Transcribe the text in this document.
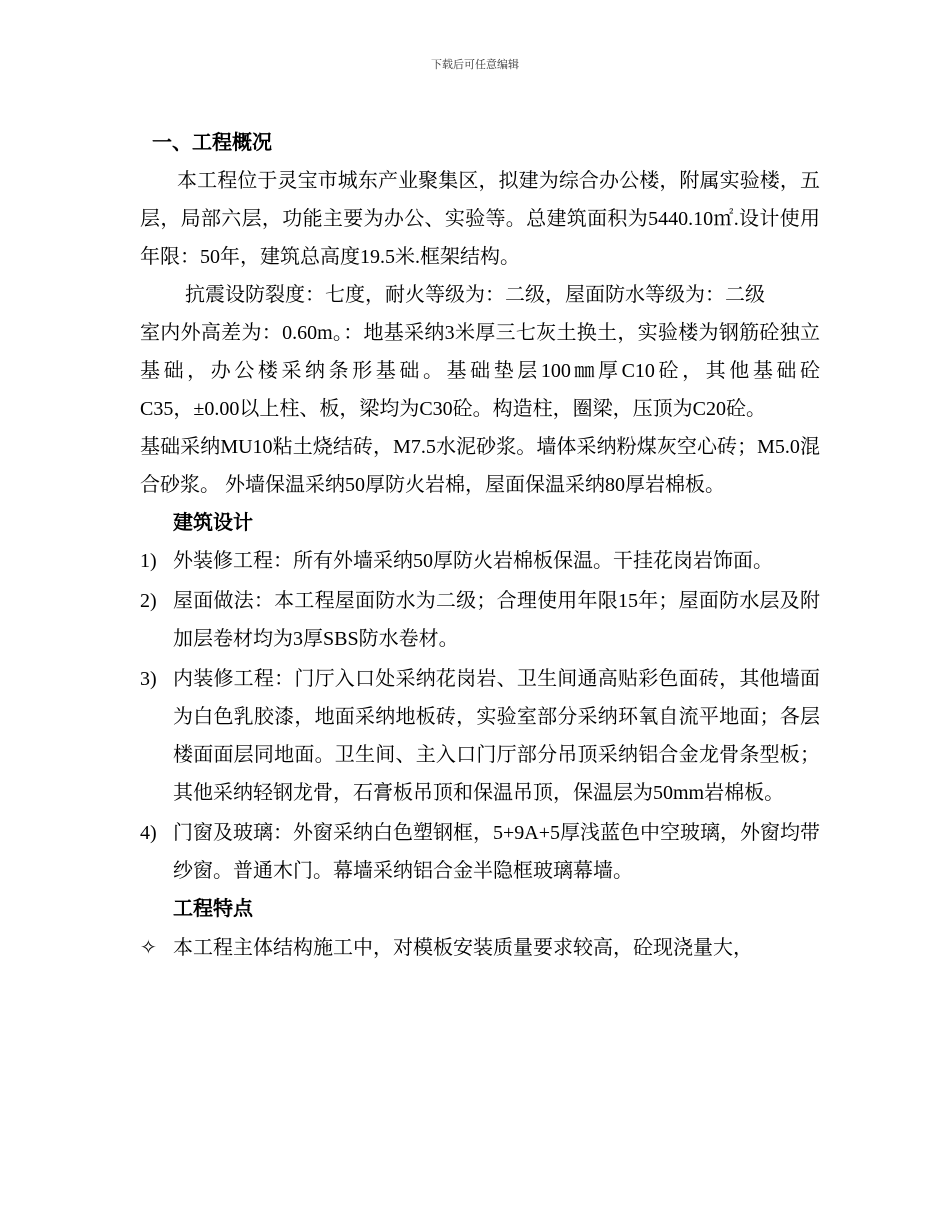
下载后可任意编辑
一、工程概况

本工程位于灵宝市城东产业聚集区，拟建为综合办公楼，附属实验楼，五层，局部六层，功能主要为办公、实验等。总建筑面积为5440.10㎡.设计使用年限：50年，建筑总高度19.5米.框架结构。

抗震设防裂度：七度，耐火等级为：二级，屋面防水等级为：二级

室内外高差为：0.60m。：地基采纳3米厚三七灰土换土，实验楼为钢筋砼独立基础，办公楼采纳条形基础。基础垫层100㎜厚C10砼，其他基础砼C35，±0.00以上柱、板，梁均为C30砼。构造柱，圈梁，压顶为C20砼。

基础采纳MU10粘土烧结砖，M7.5水泥砂浆。墙体采纳粉煤灰空心砖；M5.0混合砂浆。 外墙保温采纳50厚防火岩棉，屋面保温采纳80厚岩棉板。

建筑设计
1) 外装修工程：所有外墙采纳50厚防火岩棉板保温。干挂花岗岩饰面。
2) 屋面做法：本工程屋面防水为二级；合理使用年限15年；屋面防水层及附加层卷材均为3厚SBS防水卷材。
3) 内装修工程：门厅入口处采纳花岗岩、卫生间通高贴彩色面砖，其他墙面为白色乳胶漆，地面采纳地板砖，实验室部分采纳环氧自流平地面；各层楼面面层同地面。卫生间、主入口门厅部分吊顶采纳铝合金龙骨条型板；其他采纳轻钢龙骨，石膏板吊顶和保温吊顶，保温层为50mm岩棉板。
4) 门窗及玻璃：外窗采纳白色塑钢框，5+9A+5厚浅蓝色中空玻璃，外窗均带纱窗。普通木门。幕墙采纳铝合金半隐框玻璃幕墙。
工程特点
✧ 本工程主体结构施工中，对模板安装质量要求较高，砼现浇量大，
